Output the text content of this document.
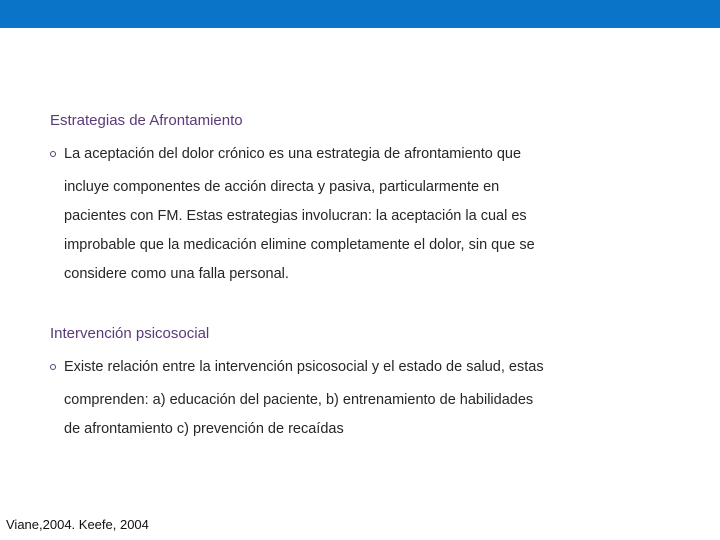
Estrategias de Afrontamiento
La aceptación del dolor crónico es una estrategia de afrontamiento que
incluye componentes de acción directa y pasiva, particularmente en
pacientes con FM. Estas estrategias involucran: la aceptación la cual es
improbable que la medicación elimine completamente el dolor, sin que se
considere como una falla personal.
Intervención psicosocial
Existe relación entre la intervención psicosocial y el estado de salud, estas
comprenden: a) educación del paciente, b) entrenamiento de habilidades
de afrontamiento c) prevención de recaídas
Viane,2004. Keefe, 2004
